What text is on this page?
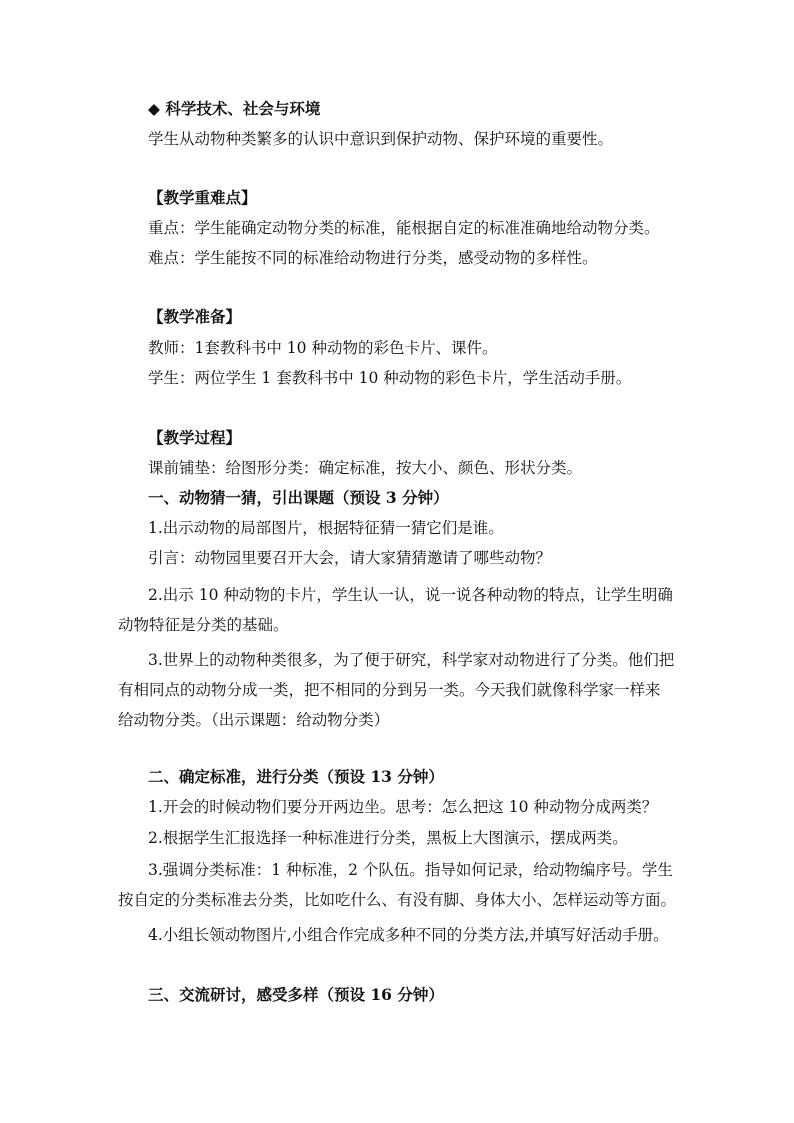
◆ 科学技术、社会与环境
学生从动物种类繁多的认识中意识到保护动物、保护环境的重要性。
【教学重难点】
重点：学生能确定动物分类的标准，能根据自定的标准准确地给动物分类。
难点：学生能按不同的标准给动物进行分类，感受动物的多样性。
【教学准备】
教师：1套教科书中 10 种动物的彩色卡片、课件。
学生：两位学生 1 套教科书中 10 种动物的彩色卡片，学生活动手册。
【教学过程】
课前铺垫：给图形分类：确定标准，按大小、颜色、形状分类。
一、动物猜一猜，引出课题（预设 3 分钟）
1.出示动物的局部图片，根据特征猜一猜它们是谁。
引言：动物园里要召开大会，请大家猜猜邀请了哪些动物？
2.出示 10 种动物的卡片，学生认一认，说一说各种动物的特点，让学生明确
动物特征是分类的基础。
3.世界上的动物种类很多，为了便于研究，科学家对动物进行了分类。他们把
有相同点的动物分成一类，把不相同的分到另一类。今天我们就像科学家一样来
给动物分类。（出示课题：给动物分类）
二、确定标准，进行分类（预设 13 分钟）
1.开会的时候动物们要分开两边坐。思考：怎么把这 10 种动物分成两类？
2.根据学生汇报选择一种标准进行分类，黑板上大图演示，摆成两类。
3.强调分类标准：1 种标准，2 个队伍。指导如何记录，给动物编序号。学生
按自定的分类标准去分类，比如吃什么、有没有脚、身体大小、怎样运动等方面。
4.小组长领动物图片,小组合作完成多种不同的分类方法,并填写好活动手册。
三、交流研讨，感受多样（预设 16 分钟）
